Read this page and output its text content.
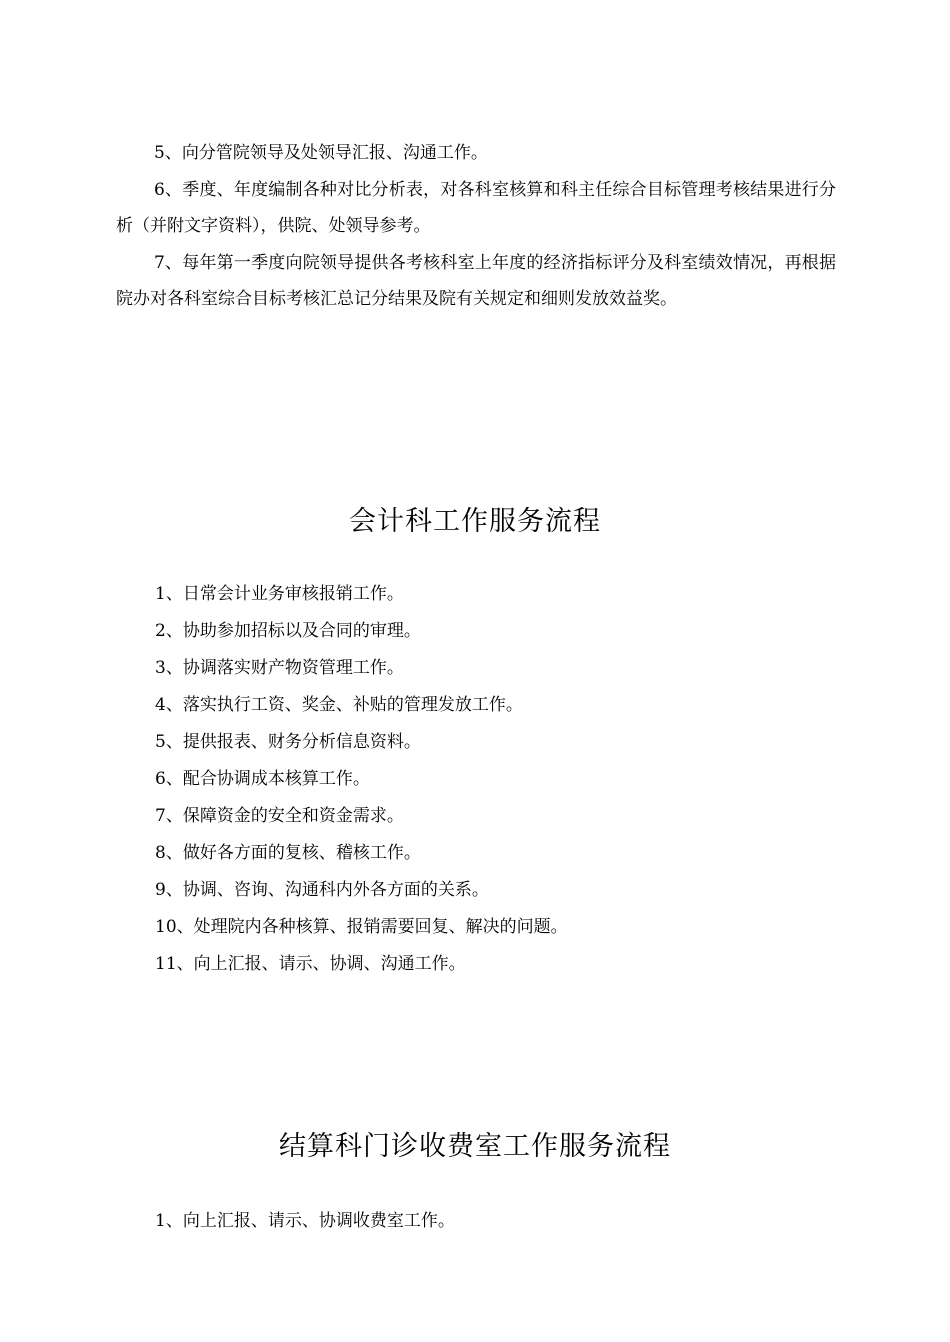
5、向分管院领导及处领导汇报、沟通工作。

6、季度、年度编制各种对比分析表，对各科室核算和科主任综合目标管理考核结果进行分析（并附文字资料），供院、处领导参考。

7、每年第一季度向院领导提供各考核科室上年度的经济指标评分及科室绩效情况，再根据院办对各科室综合目标考核汇总记分结果及院有关规定和细则发放效益奖。

会计科工作服务流程
1、日常会计业务审核报销工作。
2、协助参加招标以及合同的审理。
3、协调落实财产物资管理工作。
4、落实执行工资、奖金、补贴的管理发放工作。
5、提供报表、财务分析信息资料。
6、配合协调成本核算工作。
7、保障资金的安全和资金需求。
8、做好各方面的复核、稽核工作。
9、协调、咨询、沟通科内外各方面的关系。
10、处理院内各种核算、报销需要回复、解决的问题。
11、向上汇报、请示、协调、沟通工作。
结算科门诊收费室工作服务流程
1、向上汇报、请示、协调收费室工作。
